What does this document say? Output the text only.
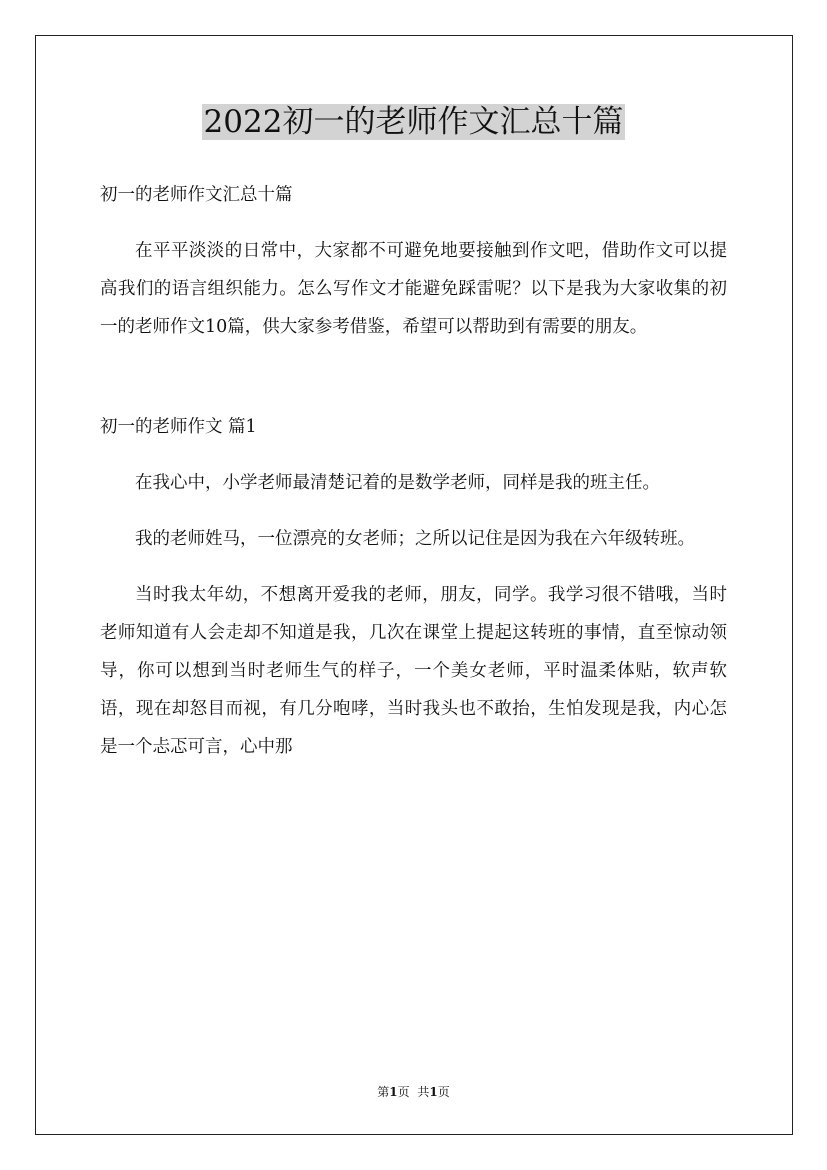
2022初一的老师作文汇总十篇

初一的老师作文汇总十篇

在平平淡淡的日常中，大家都不可避免地要接触到作文吧，借助作文可以提高我们的语言组织能力。怎么写作文才能避免踩雷呢？以下是我为大家收集的初一的老师作文10篇，供大家参考借鉴，希望可以帮助到有需要的朋友。

初一的老师作文 篇1

在我心中，小学老师最清楚记着的是数学老师，同样是我的班主任。

我的老师姓马，一位漂亮的女老师；之所以记住是因为我在六年级转班。

当时我太年幼，不想离开爱我的老师，朋友，同学。我学习很不错哦，当时老师知道有人会走却不知道是我，几次在课堂上提起这转班的事情，直至惊动领导，你可以想到当时老师生气的样子，一个美女老师，平时温柔体贴，软声软语，现在却怒目而视，有几分咆哮，当时我头也不敢抬，生怕发现是我，内心怎是一个忐忑可言，心中那

第1页 共1页
